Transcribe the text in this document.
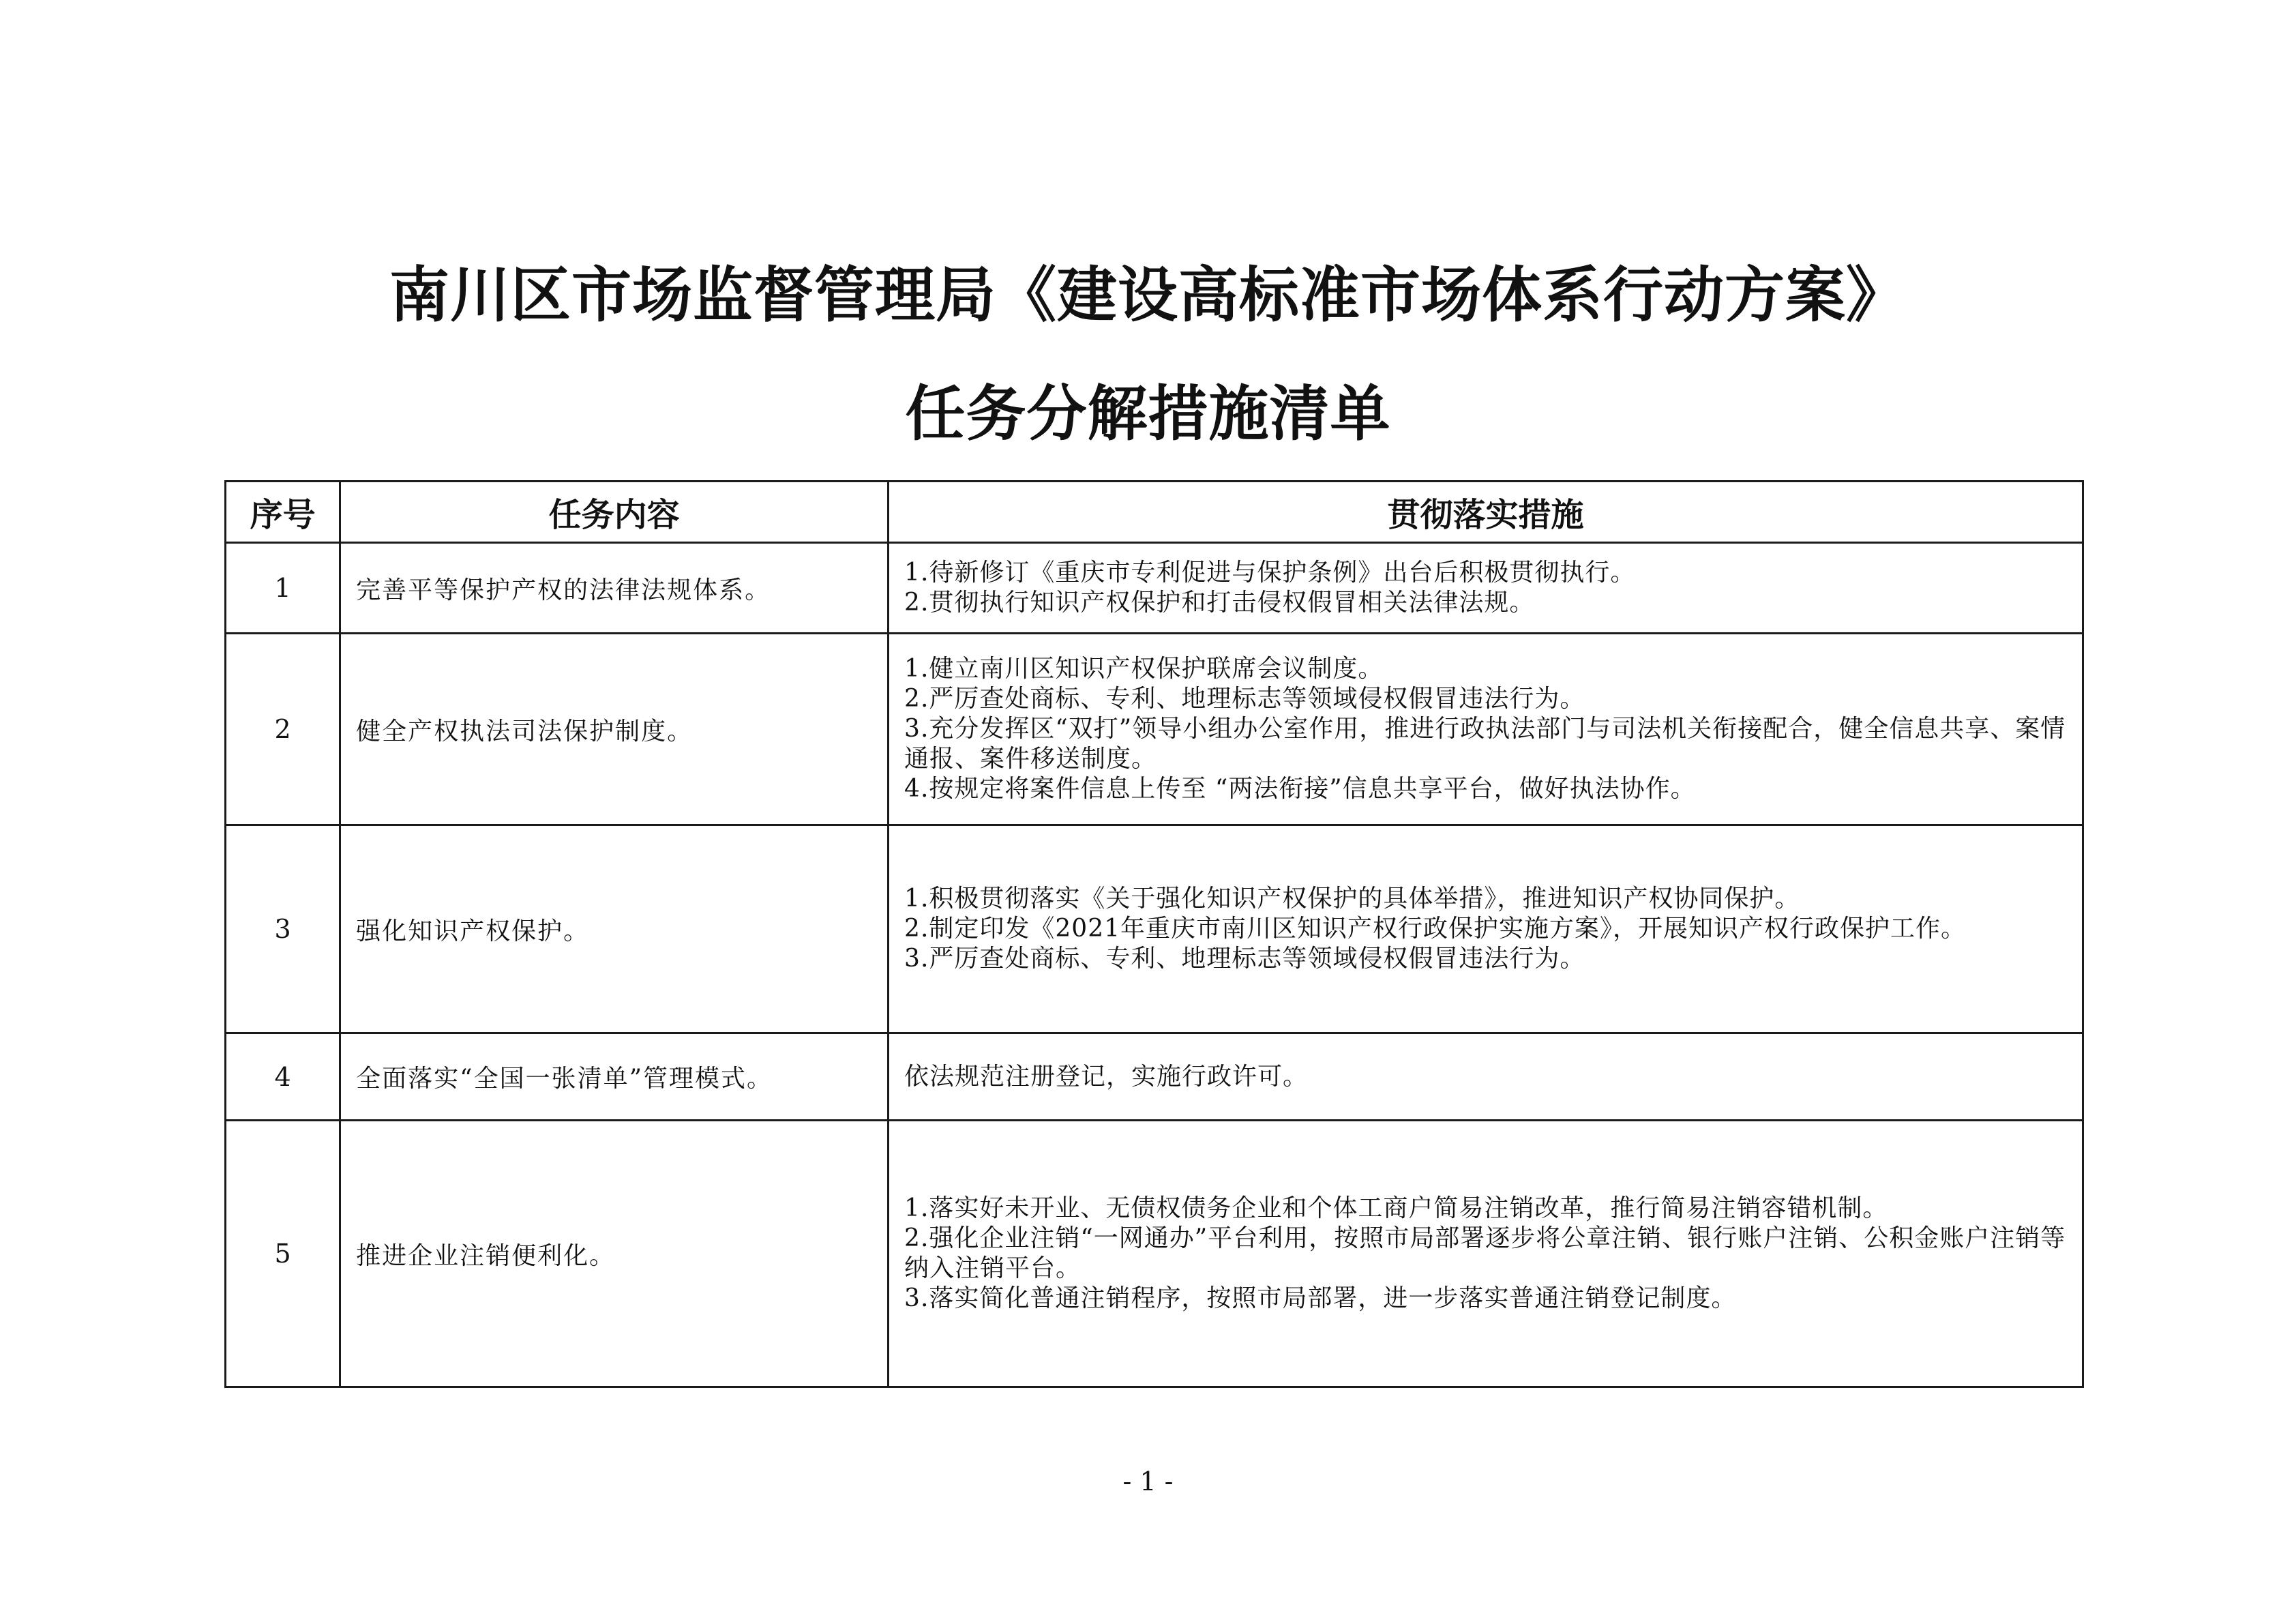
南川区市场监督管理局《建设高标准市场体系行动方案》
任务分解措施清单
序号	任务内容	贯彻落实措施
1	完善平等保护产权的法律法规体系。	1.待新修订《重庆市专利促进与保护条例》出台后积极贯彻执行。
2.贯彻执行知识产权保护和打击侵权假冒相关法律法规。

2	健全产权执法司法保护制度。	1.健立南川区知识产权保护联席会议制度。
2.严厉查处商标、专利、地理标志等领域侵权假冒违法行为。
3.充分发挥区“双打”领导小组办公室作用，推进行政执法部门与司法机关衔接配合，健全信息共享、案情通报、案件移送制度。
4.按规定将案件信息上传至 “两法衔接”信息共享平台，做好执法协作。

3	强化知识产权保护。	1.积极贯彻落实《关于强化知识产权保护的具体举措》，推进知识产权协同保护。
2.制定印发《2021年重庆市南川区知识产权行政保护实施方案》，开展知识产权行政保护工作。
3.严厉查处商标、专利、地理标志等领域侵权假冒违法行为。

4	全面落实“全国一张清单”管理模式。	依法规范注册登记，实施行政许可。

5	推进企业注销便利化。	1.落实好未开业、无债权债务企业和个体工商户简易注销改革，推行简易注销容错机制。
2.强化企业注销“一网通办”平台利用，按照市局部署逐步将公章注销、银行账户注销、公积金账户注销等纳入注销平台。
3.落实简化普通注销程序，按照市局部署，进一步落实普通注销登记制度。
- 1 -
